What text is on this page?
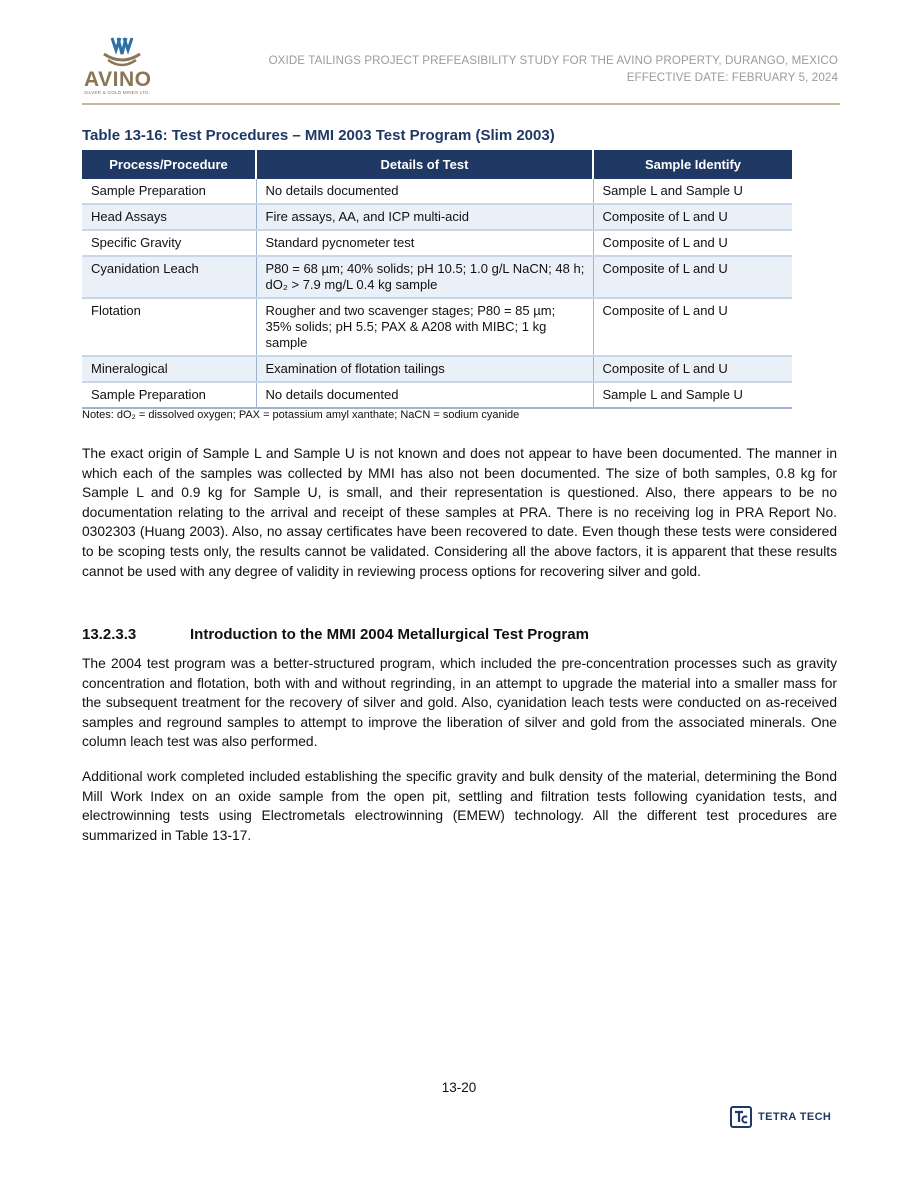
AVINO
SILVER & GOLD MINES LTD.
OXIDE TAILINGS PROJECT PREFEASIBILITY STUDY FOR THE AVINO PROPERTY, DURANGO, MEXICO
EFFECTIVE DATE: FEBRUARY 5, 2024
Table 13-16: Test Procedures – MMI 2003 Test Program (Slim 2003)
Process/Procedure	Details of Test	Sample Identify
Sample Preparation	No details documented	Sample L and Sample U
Head Assays	Fire assays, AA, and ICP multi-acid	Composite of L and U
Specific Gravity	Standard pycnometer test	Composite of L and U
Cyanidation Leach	P80 = 68 µm; 40% solids; pH 10.5; 1.0 g/L NaCN; 48 h; dO₂ > 7.9 mg/L 0.4 kg sample	Composite of L and U
Flotation	Rougher and two scavenger stages; P80 = 85 µm; 35% solids; pH 5.5; PAX & A208 with MIBC; 1 kg sample	Composite of L and U
Mineralogical	Examination of flotation tailings	Composite of L and U
Sample Preparation	No details documented	Sample L and Sample U
Notes: dO₂ = dissolved oxygen; PAX = potassium amyl xanthate; NaCN = sodium cyanide

The exact origin of Sample L and Sample U is not known and does not appear to have been documented. The manner in which each of the samples was collected by MMI has also not been documented. The size of both samples, 0.8 kg for Sample L and 0.9 kg for Sample U, is small, and their representation is questioned. Also, there appears to be no documentation relating to the arrival and receipt of these samples at PRA. There is no receiving log in PRA Report No. 0302303 (Huang 2003). Also, no assay certificates have been recovered to date. Even though these tests were considered to be scoping tests only, the results cannot be validated. Considering all the above factors, it is apparent that these results cannot be used with any degree of validity in reviewing process options for recovering silver and gold.

13.2.3.3	Introduction to the MMI 2004 Metallurgical Test Program

The 2004 test program was a better-structured program, which included the pre-concentration processes such as gravity concentration and flotation, both with and without regrinding, in an attempt to upgrade the material into a smaller mass for the subsequent treatment for the recovery of silver and gold. Also, cyanidation leach tests were conducted on as-received samples and reground samples to attempt to improve the liberation of silver and gold from the associated minerals. One column leach test was also performed.

Additional work completed included establishing the specific gravity and bulk density of the material, determining the Bond Mill Work Index on an oxide sample from the open pit, settling and filtration tests following cyanidation tests, and electrowinning tests using Electrometals electrowinning (EMEW) technology. All the different test procedures are summarized in Table 13-17.

13-20
TETRA TECH
